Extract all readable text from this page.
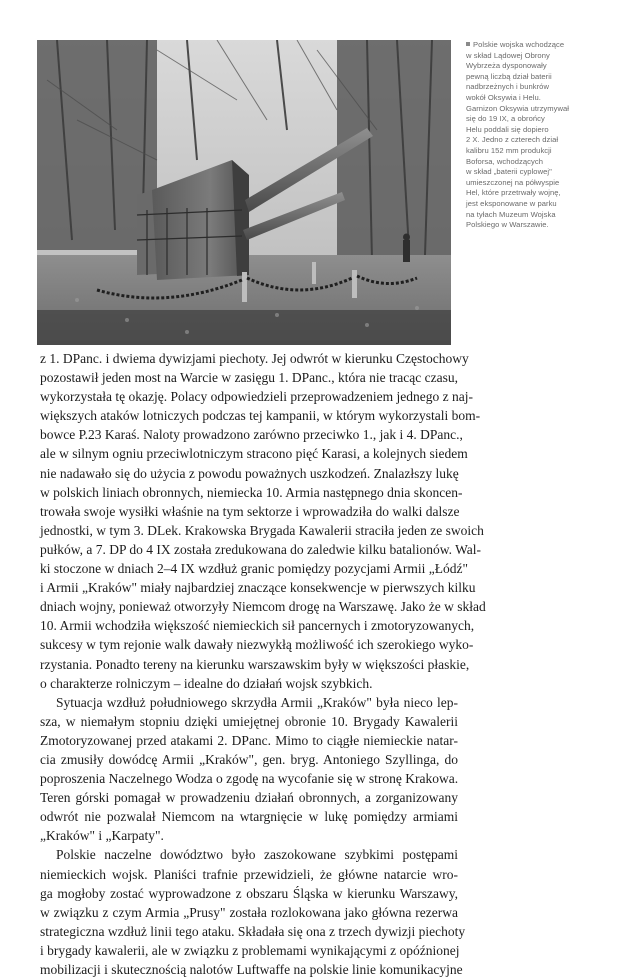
Polskie wojska wchodzące
w skład Lądowej Obrony
Wybrzeża dysponowały
pewną liczbą dział baterii
nadbrzeżnych i bunkrów
wokół Oksywia i Helu.
Garnizon Oksywia utrzymywał
się do 19 IX, a obrońcy
Helu poddali się dopiero
2 X. Jedno z czterech dział
kalibru 152 mm produkcji
Boforsa, wchodzących
w skład „baterii cyplowej"
umieszczonej na półwyspie
Hel, które przetrwały wojnę,
jest eksponowane w parku
na tyłach Muzeum Wojska
Polskiego w Warszawie.
z 1. DPanc. i dwiema dywizjami piechoty. Jej odwrót w kierunku Częstochowy
pozostawił jeden most na Warcie w zasięgu 1. DPanc., która nie tracąc czasu,
wykorzystała tę okazję. Polacy odpowiedzieli przeprowadzeniem jednego z naj-
większych ataków lotniczych podczas tej kampanii, w którym wykorzystali bom-
bowce P.23 Karaś. Naloty prowadzono zarówno przeciwko 1., jak i 4. DPanc.,
ale w silnym ogniu przeciwlotniczym stracono pięć Karasi, a kolejnych siedem
nie nadawało się do użycia z powodu poważnych uszkodzeń. Znalazłszy lukę
w polskich liniach obronnych, niemiecka 10. Armia następnego dnia skoncen-
trowała swoje wysiłki właśnie na tym sektorze i wprowadziła do walki dalsze
jednostki, w tym 3. DLek. Krakowska Brygada Kawalerii straciła jeden ze swoich
pułków, a 7. DP do 4 IX została zredukowana do zaledwie kilku batalionów. Wal-
ki stoczone w dniach 2–4 IX wzdłuż granic pomiędzy pozycjami Armii „Łódź"
i Armii „Kraków" miały najbardziej znaczące konsekwencje w pierwszych kilku
dniach wojny, ponieważ otworzyły Niemcom drogę na Warszawę. Jako że w skład
10. Armii wchodziła większość niemieckich sił pancernych i zmotoryzowanych,
sukcesy w tym rejonie walk dawały niezwykłą możliwość ich szerokiego wyko-
rzystania. Ponadto tereny na kierunku warszawskim były w większości płaskie,
o charakterze rolniczym – idealne do działań wojsk szybkich.
Sytuacja wzdłuż południowego skrzydła Armii „Kraków" była nieco lep-
sza, w niemałym stopniu dzięki umiejętnej obronie 10. Brygady Kawalerii
Zmotoryzowanej przed atakami 2. DPanc. Mimo to ciągłe niemieckie natar-
cia zmusiły dowódcę Armii „Kraków", gen. bryg. Antoniego Szyllinga, do
poproszenia Naczelnego Wodza o zgodę na wycofanie się w stronę Krakowa.
Teren górski pomagał w prowadzeniu działań obronnych, a zorganizowany
odwrót nie pozwalał Niemcom na wtargnięcie w lukę pomiędzy armiami
„Kraków" i „Karpaty".
Polskie naczelne dowództwo było zaszokowane szybkimi postępami
niemieckich wojsk. Planiści trafnie przewidzieli, że główne natarcie wro-
ga mogłoby zostać wyprowadzone z obszaru Śląska w kierunku Warszawy,
w związku z czym Armia „Prusy" została rozlokowana jako główna rezerwa
strategiczna wzdłuż linii tego ataku. Składała się ona z trzech dywizji piechoty
i brygady kawalerii, ale w związku z problemami wynikającymi z opóźnionej
mobilizacji i skutecznością nalotów Luftwaffe na polskie linie komunikacyjne
